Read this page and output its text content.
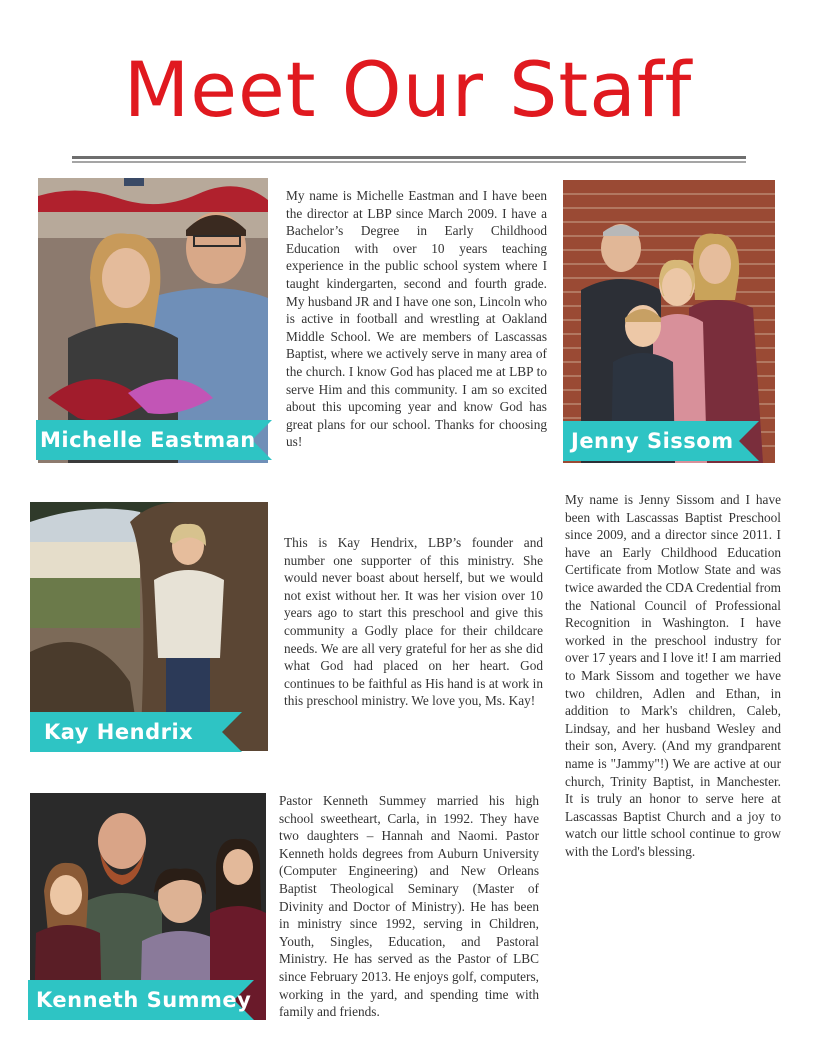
Meet Our Staff
Michelle Eastman

My name is Michelle Eastman and I have been the director at LBP since March 2009. I have a Bachelor’s Degree in Early Childhood Education with over 10 years teaching experience in the public school system where I taught kindergarten, second and fourth grade. My husband JR and I have one son, Lincoln who is active in football and wrestling at Oakland Middle School. We are members of Lascassas Baptist, where we actively serve in many area of the church. I know God has placed me at LBP to serve Him and this community. I am so excited about this upcoming year and know God has great plans for our school. Thanks for choosing us!	Jenny Sissom

My name is Jenny Sissom and I have been with Lascassas Baptist Preschool since 2009, and a director since 2011. I have an Early Childhood Education Certificate from Motlow State and was twice awarded the CDA Credential from the National Council of Professional Recognition in Washington. I have worked in the preschool industry for over 17 years and I love it! I am married to Mark Sissom and together we have two children, Adlen and Ethan, in addition to Mark's children, Caleb, Lindsay, and her husband Wesley and their son, Avery. (And my grandparent name is "Jammy"!) We are active at our church, Trinity Baptist, in Manchester. It is truly an honor to serve here at Lascassas Baptist Church and a joy to watch our little school continue to grow with the Lord's blessing.

Kay Hendrix

This is Kay Hendrix, LBP’s founder and number one supporter of this ministry. She would never boast about herself, but we would not exist without her. It was her vision over 10 years ago to start this preschool and give this community a Godly place for their childcare needs. We are all very grateful for her as she did what God had placed on her heart. God continues to be faithful as His hand is at work in this preschool ministry. We love you, Ms. Kay!

Kenneth Summey

Pastor Kenneth Summey married his high school sweetheart, Carla, in 1992. They have two daughters – Hannah and Naomi. Pastor Kenneth holds degrees from Auburn University (Computer Engineering) and New Orleans Baptist Theological Seminary (Master of Divinity and Doctor of Ministry). He has been in ministry since 1992, serving in Children, Youth, Singles, Education, and Pastoral Ministry. He has served as the Pastor of LBC since February 2013. He enjoys golf, computers, working in the yard, and spending time with family and friends.
